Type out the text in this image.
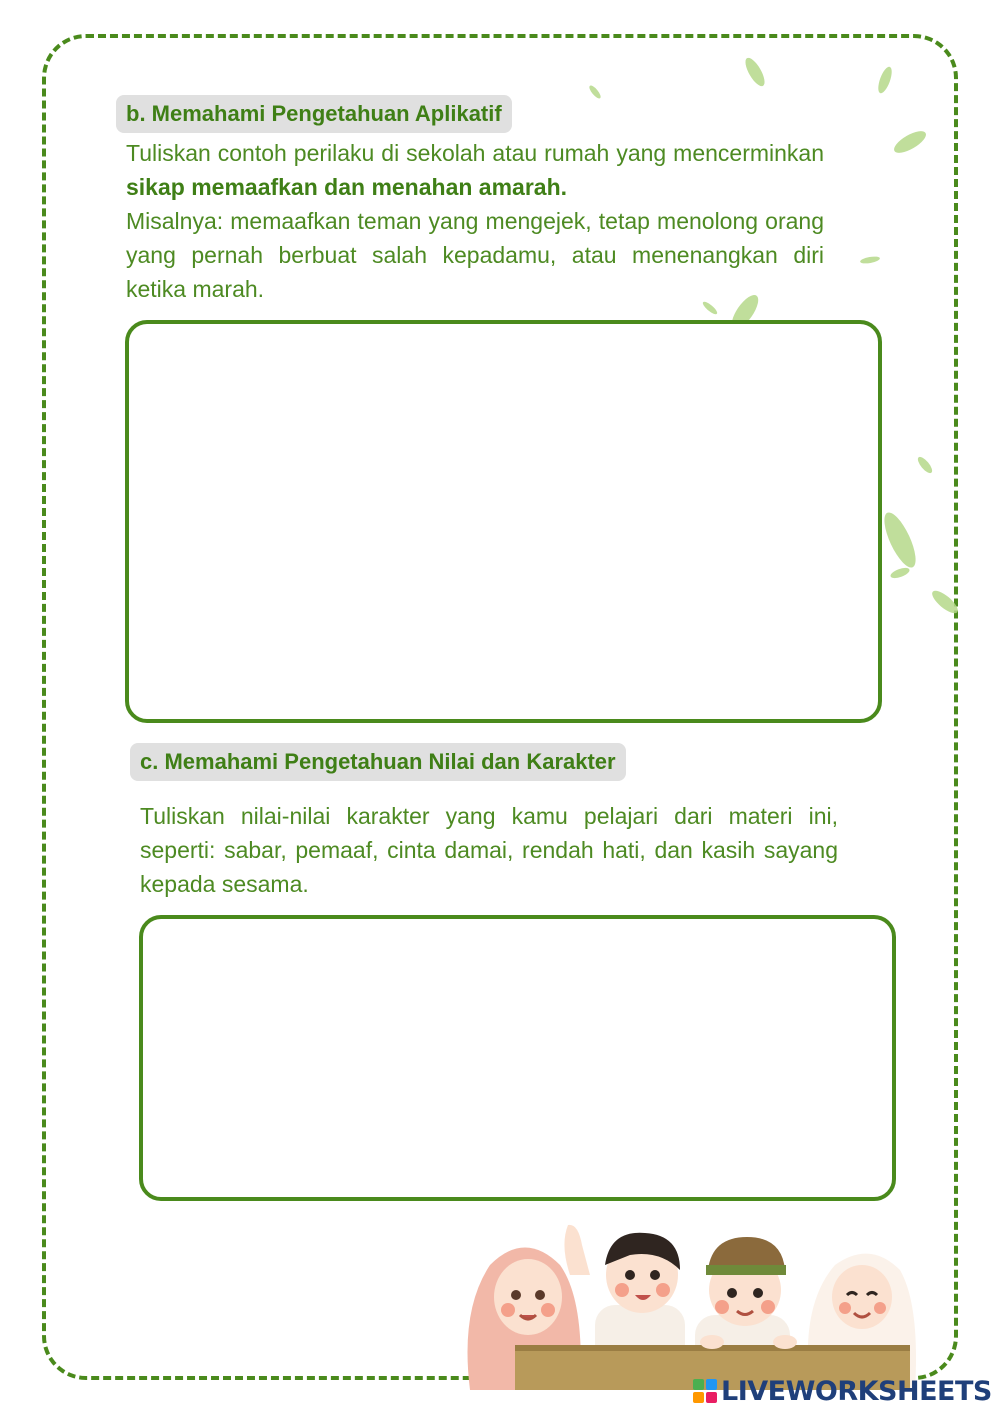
b. Memahami Pengetahuan Aplikatif

Tuliskan contoh perilaku di sekolah atau rumah yang mencerminkan sikap memaafkan dan menahan amarah.

Misalnya: memaafkan teman yang mengejek, tetap menolong orang yang pernah berbuat salah kepadamu, atau menenangkan diri ketika marah.

c. Memahami Pengetahuan Nilai dan Karakter

Tuliskan nilai-nilai karakter yang kamu pelajari dari materi ini, seperti: sabar, pemaaf, cinta damai, rendah hati, dan kasih sayang kepada sesama.

LIVEWORKSHEETS
